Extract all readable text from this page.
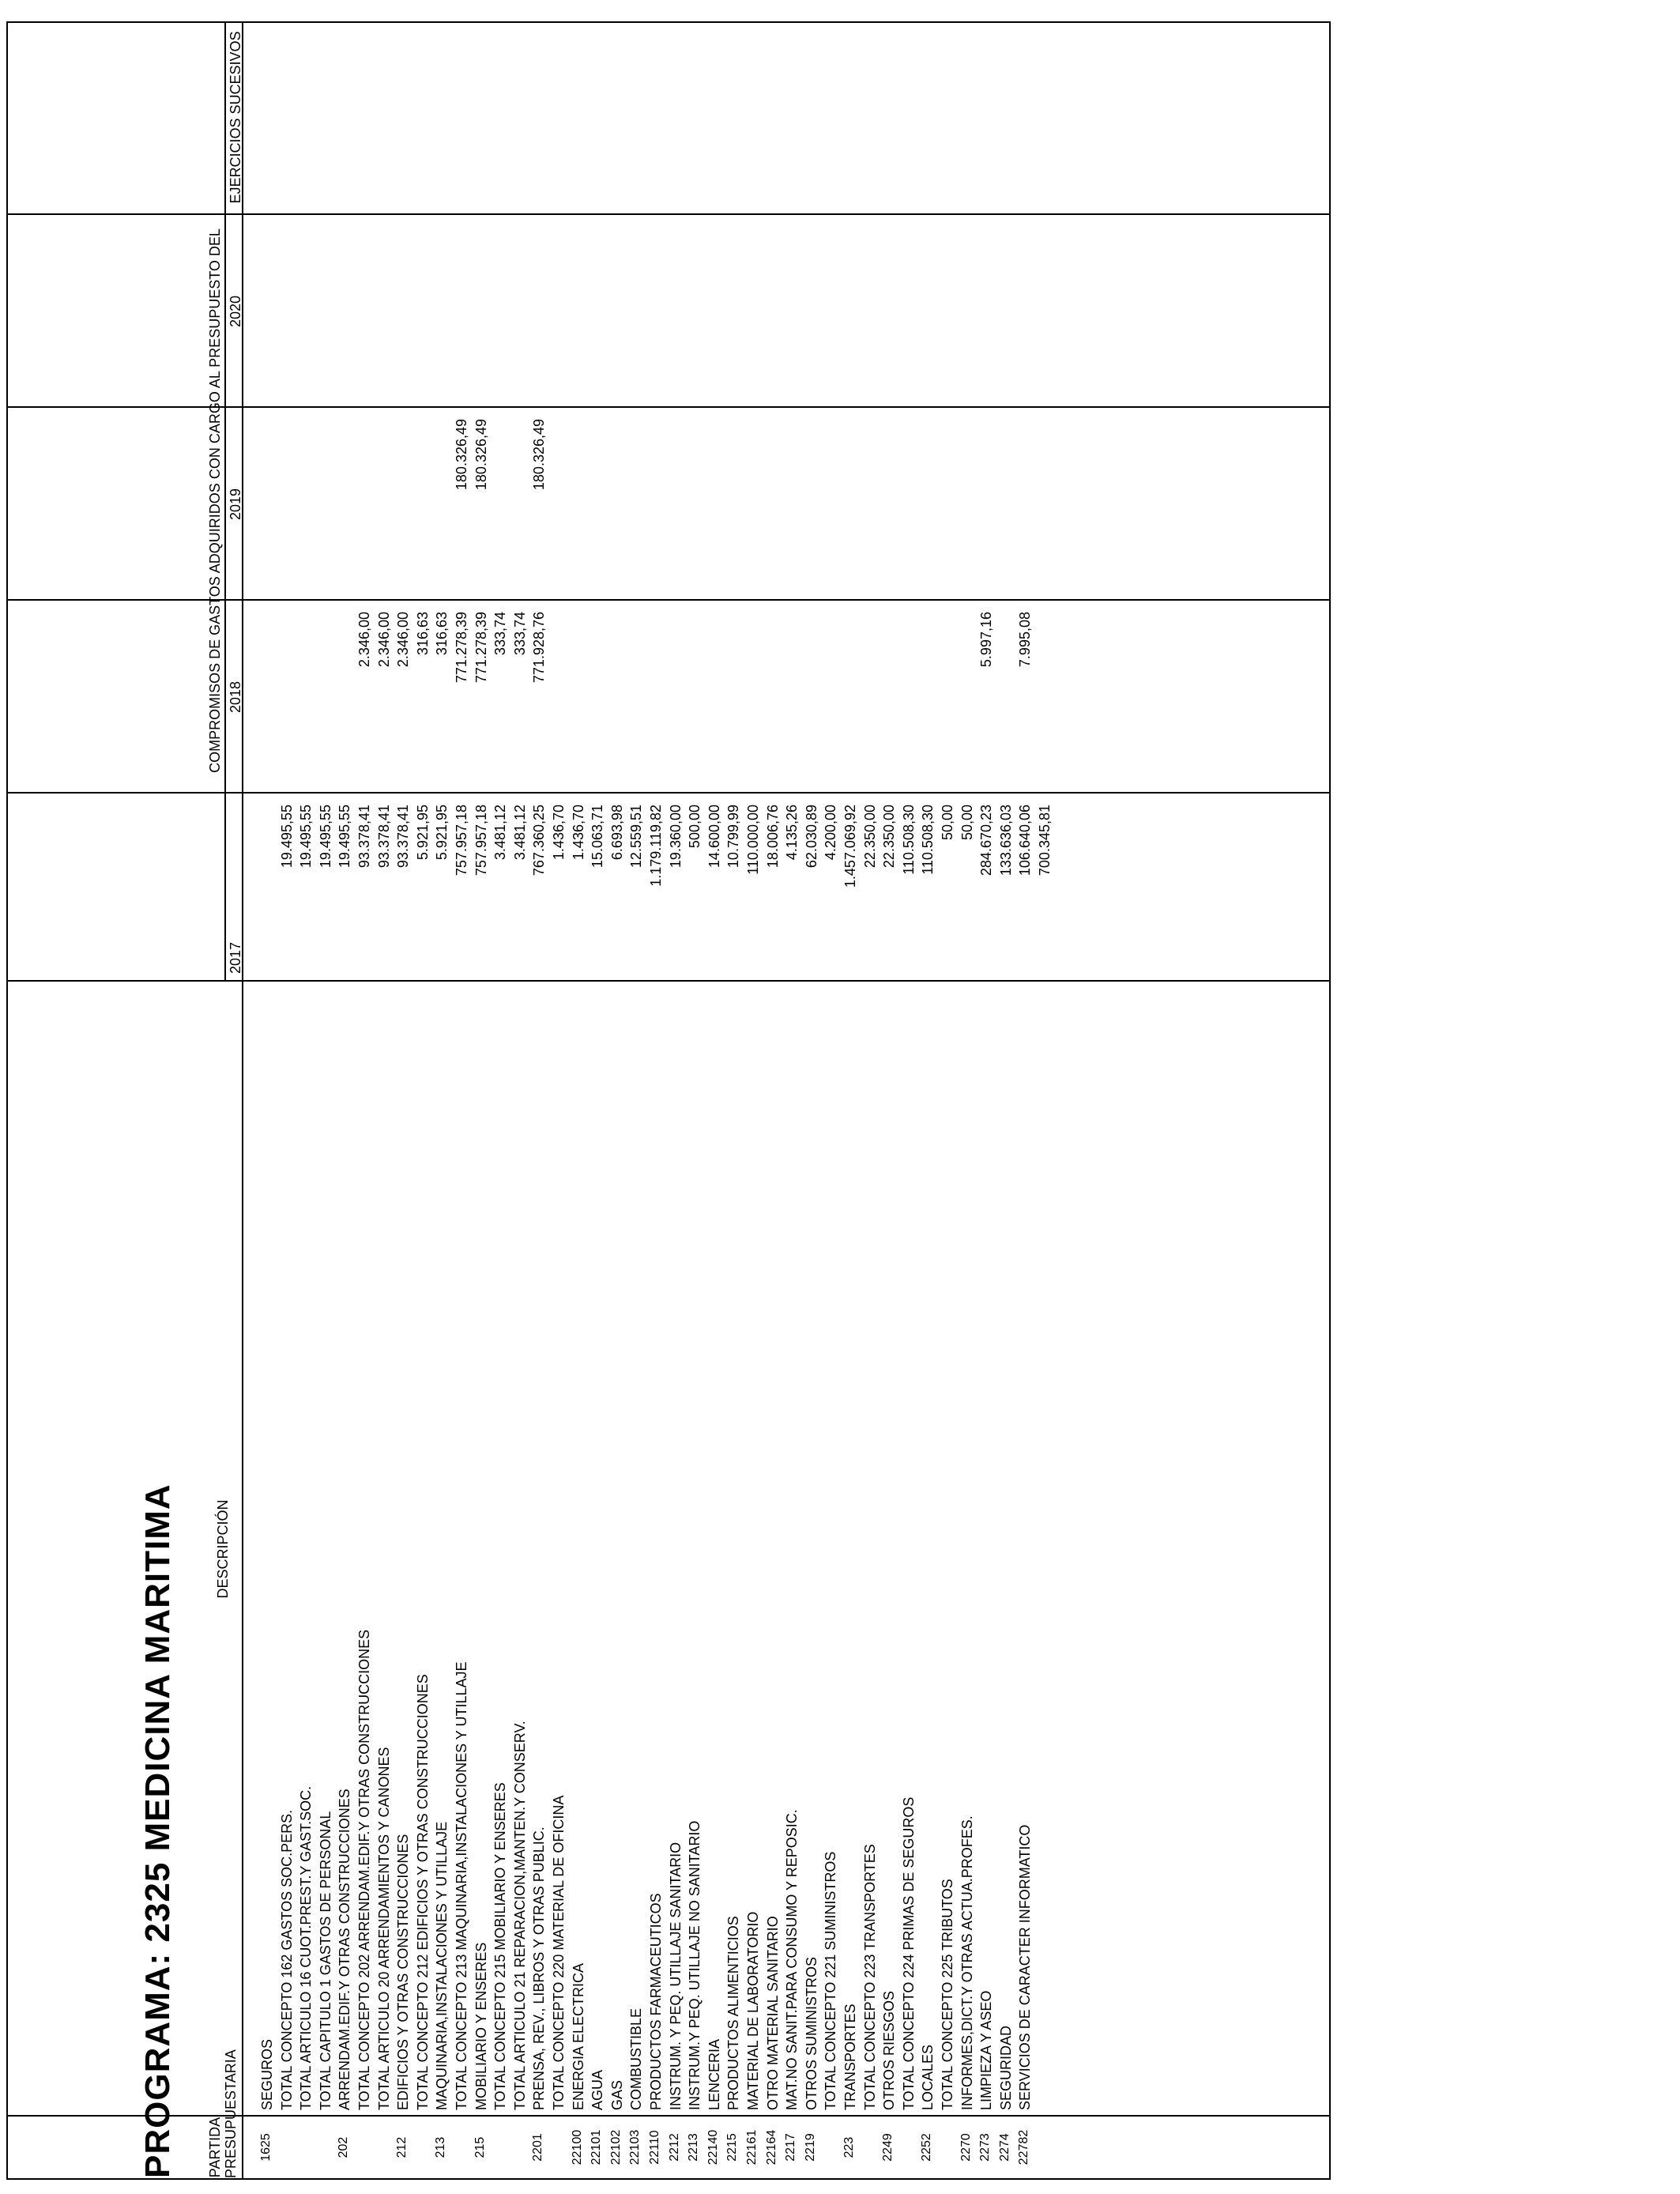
PARTIDA PRESUPUESTARIA
DESCRIPCIÓN
COMPROMISOS DE GASTOS ADQUIRIDOS CON CARGO AL PRESUPUESTO DEL
2017
2018
2019
2020
EJERCICIOS SUCESIVOS
1625
SEGUROS TOTAL CONCEPTO 162 GASTOS SOC.PERS.
19.495,55
TOTAL ARTICULO 16 CUOT.PREST.Y GAST.SOC.
19.495,55
TOTAL CAPITULO 1 GASTOS DE PERSONAL
19.495,55
202
ARRENDAM.EDIF.Y OTRAS CONSTRUCCIONES
19.495,55
TOTAL CONCEPTO 202 ARRENDAM.EDIF.Y OTRAS CONSTRUCCIONES
93.378,41
2.346,00
TOTAL ARTICULO 20 ARRENDAMIENTOS Y CANONES
93.378,41
2.346,00
212
EDIFICIOS Y OTRAS CONSTRUCCIONES
93.378,41
2.346,00
TOTAL CONCEPTO 212 EDIFICIOS Y OTRAS CONSTRUCCIONES
5.921,95
316,63
213
MAQUINARIA,INSTALACIONES Y UTILLAJE
5.921,95
316,63
TOTAL CONCEPTO 213 MAQUINARIA,INSTALACIONES Y UTILLAJE
757.957,18
771.278,39
180.326,49
215
MOBILIARIO Y ENSERES
757.957,18
771.278,39
180.326,49
TOTAL CONCEPTO 215 MOBILIARIO Y ENSERES
3.481,12
333,74
TOTAL ARTICULO 21 REPARACION,MANTEN.Y CONSERV.
3.481,12
333,74
2201
PRENSA, REV., LIBROS Y OTRAS PUBLIC.
767.360,25
771.928,76
180.326,49
TOTAL CONCEPTO 220 MATERIAL DE OFICINA
1.436,70
22100
ENERGIA ELECTRICA
1.436,70
22101
AGUA
15.063,71
22102
GAS
6.693,98
22103
COMBUSTIBLE
12.559,51
22110
PRODUCTOS FARMACEUTICOS
1.179.119,82
2212
INSTRUM. Y PEQ. UTILLAJE SANITARIO
19.360,00
2213
INSTRUM.Y PEQ. UTILLAJE NO SANITARIO
500,00
22140
LENCERIA
14.600,00
2215
PRODUCTOS ALIMENTICIOS
10.799,99
22161
MATERIAL DE LABORATORIO
110.000,00
22164
OTRO MATERIAL SANITARIO
18.006,76
2217
MAT.NO SANIT.PARA CONSUMO Y REPOSIC.
4.135,26
2219
OTROS SUMINISTROS
62.030,89
TOTAL CONCEPTO 221 SUMINISTROS
4.200,00
223
TRANSPORTES
1.457.069,92
TOTAL CONCEPTO 223 TRANSPORTES
22.350,00
2249
OTROS RIESGOS
22.350,00
TOTAL CONCEPTO 224 PRIMAS DE SEGUROS
110.508,30
2252
LOCALES
110.508,30
TOTAL CONCEPTO 225 TRIBUTOS
50,00
2270
INFORMES,DICT.Y OTRAS ACTUA.PROFES.
50,00
2273
LIMPIEZA Y ASEO
284.670,23
5.997,16
2274
SEGURIDAD
133.636,03
22782
SERVICIOS DE CARACTER INFORMATICO
106.640,06
7.995,08
700.345,81
PROGRAMA: 2325 MEDICINA MARITIMA
